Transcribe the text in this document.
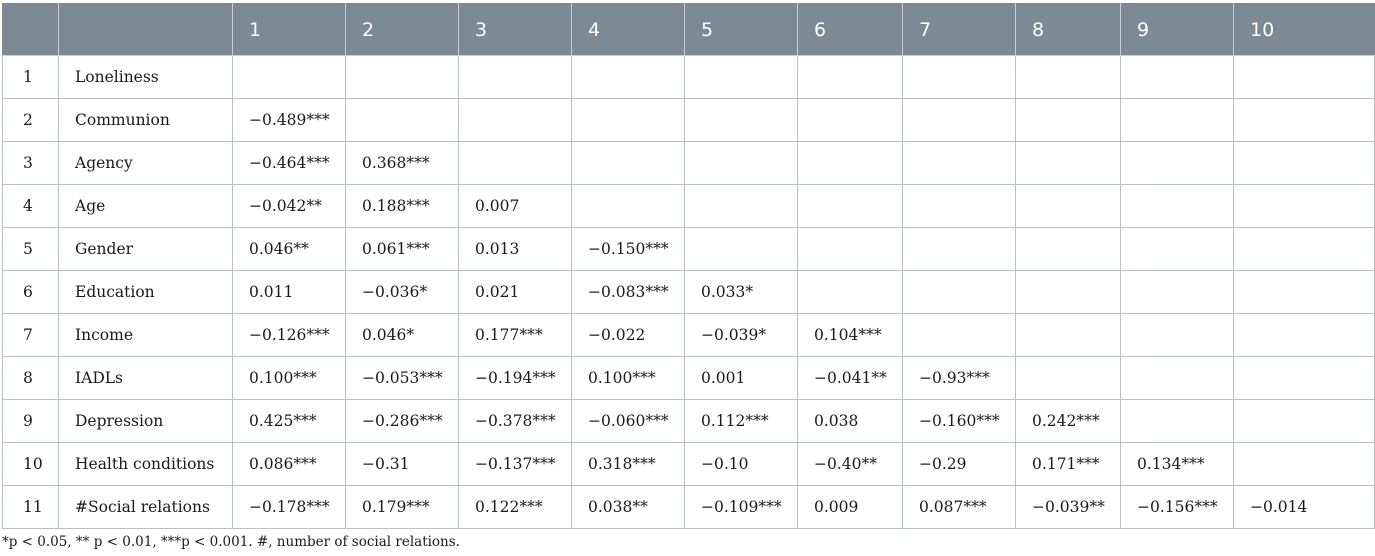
		1	2	3	4	5	6	7	8	9	10
1	Loneliness										
2	Communion	−0.489***									
3	Agency	−0.464***	0.368***								
4	Age	−0.042**	0.188***	0.007							
5	Gender	0.046**	0.061***	0.013	−0.150***						
6	Education	0.011	−0.036*	0.021	−0.083***	0.033*					
7	Income	−0.126***	0.046*	0.177***	−0.022	−0.039*	0.104***				
8	IADLs	0.100***	−0.053***	−0.194***	0.100***	0.001	−0.041**	−0.93***			
9	Depression	0.425***	−0.286***	−0.378***	−0.060***	0.112***	0.038	−0.160***	0.242***		
10	Health conditions	0.086***	−0.31	−0.137***	0.318***	−0.10	−0.40**	−0.29	0.171***	0.134***	
11	#Social relations	−0.178***	0.179***	0.122***	0.038**	−0.109***	0.009	0.087***	−0.039**	−0.156***	−0.014
*p < 0.05, ** p < 0.01, ***p < 0.001. #, number of social relations.
